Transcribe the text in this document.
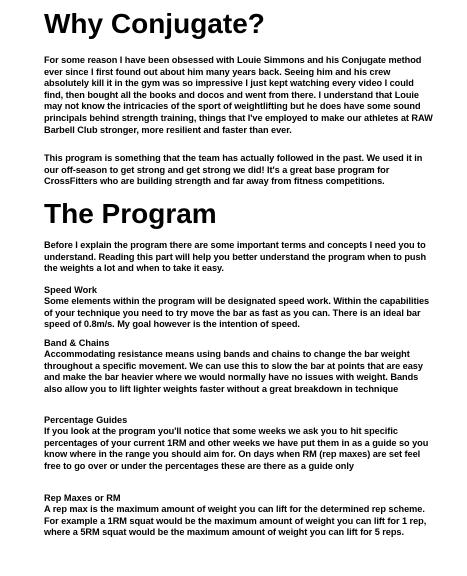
Why Conjugate?

For some reason I have been obsessed with Louie Simmons and his Conjugate method ever since I first found out about him many years back. Seeing him and his crew absolutely kill it in the gym was so impressive I just kept watching every video I could find, then bought all the books and docos and went from there. I understand that Louie may not know the intricacies of the sport of weightlifting but he does have some sound principals behind strength training, things that I've employed to make our athletes at RAW Barbell Club stronger, more resilient and faster than ever.

This program is something that the team has actually followed in the past. We used it in our off-season to get strong and get strong we did! It's a great base program for CrossFitters who are building strength and far away from fitness competitions.

The Program

Before I explain the program there are some important terms and concepts I need you to understand. Reading this part will help you better understand the program when to push the weights a lot and when to take it easy.

Speed Work

Some elements within the program will be designated speed work. Within the capabilities of your technique you need to try move the bar as fast as you can. There is an ideal bar speed of 0.8m/s. My goal however is the intention of speed.

Band & Chains

Accommodating resistance means using bands and chains to change the bar weight throughout a specific movement. We can use this to slow the bar at points that are easy and make the bar heavier where we would normally have no issues with weight. Bands also allow you to lift lighter weights faster without a great breakdown in technique

Percentage Guides

If you look at the program you'll notice that some weeks we ask you to hit specific percentages of your current 1RM and other weeks we have put them in as a guide so you know where in the range you should aim for. On days when RM (rep maxes) are set feel free to go over or under the percentages these are there as a guide only

Rep Maxes or RM

A rep max is the maximum amount of weight you can lift for the determined rep scheme. For example a 1RM squat would be the maximum amount of weight you can lift for 1 rep, where a 5RM squat would be the maximum amount of weight you can lift for 5 reps.
